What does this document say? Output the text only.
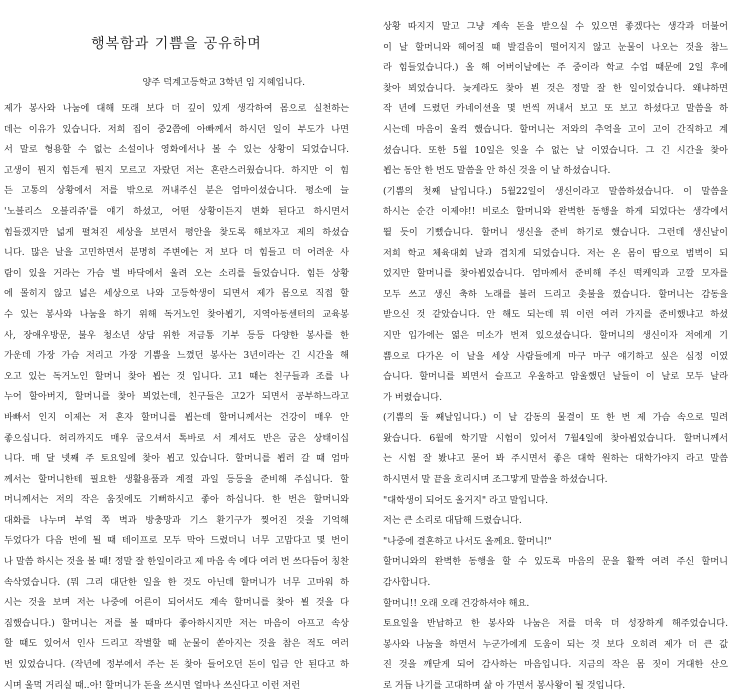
행복함과 기쁨을 공유하며
양주 덕계고등학교 3학년 임 지혜입니다.
제가 봉사와 나눔에 대해 또래 보다 더 깊이 있게 생각하여 몸으로 실천하는
데는 이유가 있습니다. 저희 집이 중2쯤에 아빠께서 하시던 일이 부도가 나면
서 말로 형용할 수 없는 소설이나 영화에서나 볼 수 있는 상황이 되었습니다.
고생이 뭔지 힘든게 뭔지 모르고 자랐던 저는 혼란스러웠습니다. 하지만 이 힘
든 고통의 상황에서 저를 밖으로 꺼내주신 분은 엄마이셨습니다. 평소에 늘
'노블리스 오블리쥬'를 얘기 하셨고, 어떤 상황이든지 변화 된다고 하시면서
힘들겠지만 넓게 펼쳐진 세상을 보면서 평안을 찾도록 해보자고 제의 하셨습
니다. 많은 날을 고민하면서 분명히 주변에는 저 보다 더 힘들고 더 어려운 사
람이 있을 거라는 가슴 벌 바닥에서 울려 오는 소리를 들었습니다. 힘든 상황
에 몰히지 않고 넓은 세상으로 나와 고등학생이 되면서 제가 몸으로 직접 할
수 있는 봉사와 나눔을 하기 위해 독거노인 찾아뵙기, 지역아동센터의 교육봉
사, 장애우방문, 불우 청소년 상담 위한 저금통 기부 등등 다양한 봉사를 한
가운데 가장 가슴 저리고 가장 기쁨을 느꼈던 봉사는 3년이라는 긴 시간을 해
오고 있는 독거노인 할머니 찾아 뵙는 것 입니다. 고1 때는 친구들과 조를 나
누어 할아버지, 할머니를 찾아 뵈었는데, 친구들은 고2가 되면서 공부하느라고
바빠서 인지 이제는 저 혼자 할머니를 뵙는데 할머니께서는 건강이 매우 안
좋으십니다. 허리까지도 매우 굽으셔서 톡바로 서 계셔도 반은 굽은 상태이십
니다. 매 달 넷째 주 토요일에 찾아 뵙고 있습니다. 할머니를 뵙러 갈 때 엄마
께서는 할머니한테 필요한 생활용품과 계절 과일 등등을 준비해 주십니다. 할
머니께서는 저의 작은 움짓에도 기뻐하시고 좋아 하십니다. 한 번은 할머니와
대화를 나누며 부엌 쪽 벽과 방충망과 기스 환기구가 찢어진 것을 기억해
두었다가 다음 번에 될 때 테이프로 모두 막아 드렸더니 너무 고맙다고 몇 번이
나 말씀 하시는 것을 볼 때! 정말 잘 한일이라고 제 마음 속 에다 여러 번 쓰다듬어 칭찬
속삭였습니다. (뭐 그리 대단한 일을 한 것도 아닌데 할머니가 너무 고마워 하
시는 것을 보며 저는 나중에 어른이 되어서도 계속 할머니를 찾아 뵐 것을 다
짐했습니다.) 할머니는 저를 볼 때마다 좋아하시지만 저는 마음이 아프고 속상
할 때도 있어서 인사 드리고 작별할 때 눈물이 쏟아지는 것을 참은 적도 여러
번 있었습니다. (작년에 정부에서 주는 돈 찾아 들어오던 돈이 입금 안 된다고 하
시며 울먹 거리실 때..아! 할머니가 돈을 쓰시면 얼마나 쓰신다고 이런 저런
상황 따지지 말고 그냥 계속 돈을 받으실 수 있으면 좋겠다는 생각과 더불어
이 날 할머니와 헤어질 때 발걸음이 떨어지지 않고 눈물이 나오는 것을 참느
라 힘들었습니다.) 올 해 어버이날에는 주 중이라 학교 수업 때문에 2일 후에
찾아 뵈었습니다. 늦게라도 찾아 뵌 것은 정말 잘 한 일이었습니다. 왜냐하면
작 년에 드렸던 카네이션을 몇 번씩 꺼내서 보고 또 보고 하셨다고 말씀을 하
시는데 마음이 울컥 했습니다. 할머니는 저와의 추억을 고이 고이 간직하고 계
셨습니다. 또한 5월 10일은 잊을 수 없는 날 이였습니다. 그 긴 시간을 찾아
뵙는 동안 한 번도 말씀을 안 하신 것을 이 날 하셨습니다.
(기쁨의 첫째 날입니다.) 5월22일이 생신이라고 말씀하셨습니다. 이 말씀을
하시는 순간 이제야!! 비로소 할머니와 완벽한 동행을 하게 되었다는 생각에서
뛸 듯이 기뻤습니다. 할머니 생신을 준비 하기로 했습니다. 그런데 생신날이
저희 학교 체육대회 날과 겹치게 되었습니다. 저는 온 몸이 땀으로 범벅이 되
었지만 할머니를 찾아뵙었습니다. 엄마께서 준비해 주신 떡케익과 고깔 모자를
모두 쓰고 생신 축하 노래를 불러 드리고 촛불을 껐습니다. 할머니는 감동을
받으신 것 같았습니다. 안 해도 되는데 뭐 이런 여러 가지를 준비했냐고 하셨
지만 입가에는 엷은 미소가 번져 있으셨습니다. 할머니의 생신이자 저에게 기
쁨으로 다가온 이 날을 세상 사람들에게 마구 마구 얘기하고 싶은 심정 이였
습니다. 할머니를 뵈면서 슬프고 우울하고 암울했던 날들이 이 날로 모두 날라
가 버렸습니다.
(기쁨의 둘 째날입니다.) 이 날 감동의 물결이 또 한 번 제 가슴 속으로 밀려
왔습니다. 6월에 학기말 시험이 있어서 7월4일에 찾아뵙었습니다. 할머니께서
는 시험 잘 봤냐고 묻어 봐 주시면서 좋은 대학 원하는 대학가야지 라고 말씀
하시면서 말 끝을 흐리시며 조그맣게 말씀을 하셨습니다.
"대학생이 되어도 올거지" 라고 말입니다.
저는 큰 소리로 대답해 드렸습니다.
"나중에 결혼하고 나서도 올께요. 할머니!"
할머니와의 완벽한 동행을 할 수 있도록 마음의 문을 활짝 여려 주신 할머니
감사합니다.
할머니!! 오래 오래 건강하셔야 해요.
토요일을 반납하고 한 봉사와 나눔은 저를 더욱 더 성장하게 해주었습니다.
봉사와 나눔을 하면서 누군가에게 도움이 되는 것 보다 오히려 제가 더 큰 값
진 것을 깨닫게 되어 감사하는 마음입니다. 지금의 작은 몸 짓이 거대한 산으
로 거듭 나기를 고대하며 삶 아 가면서 봉사왕이 될 것입니다.
